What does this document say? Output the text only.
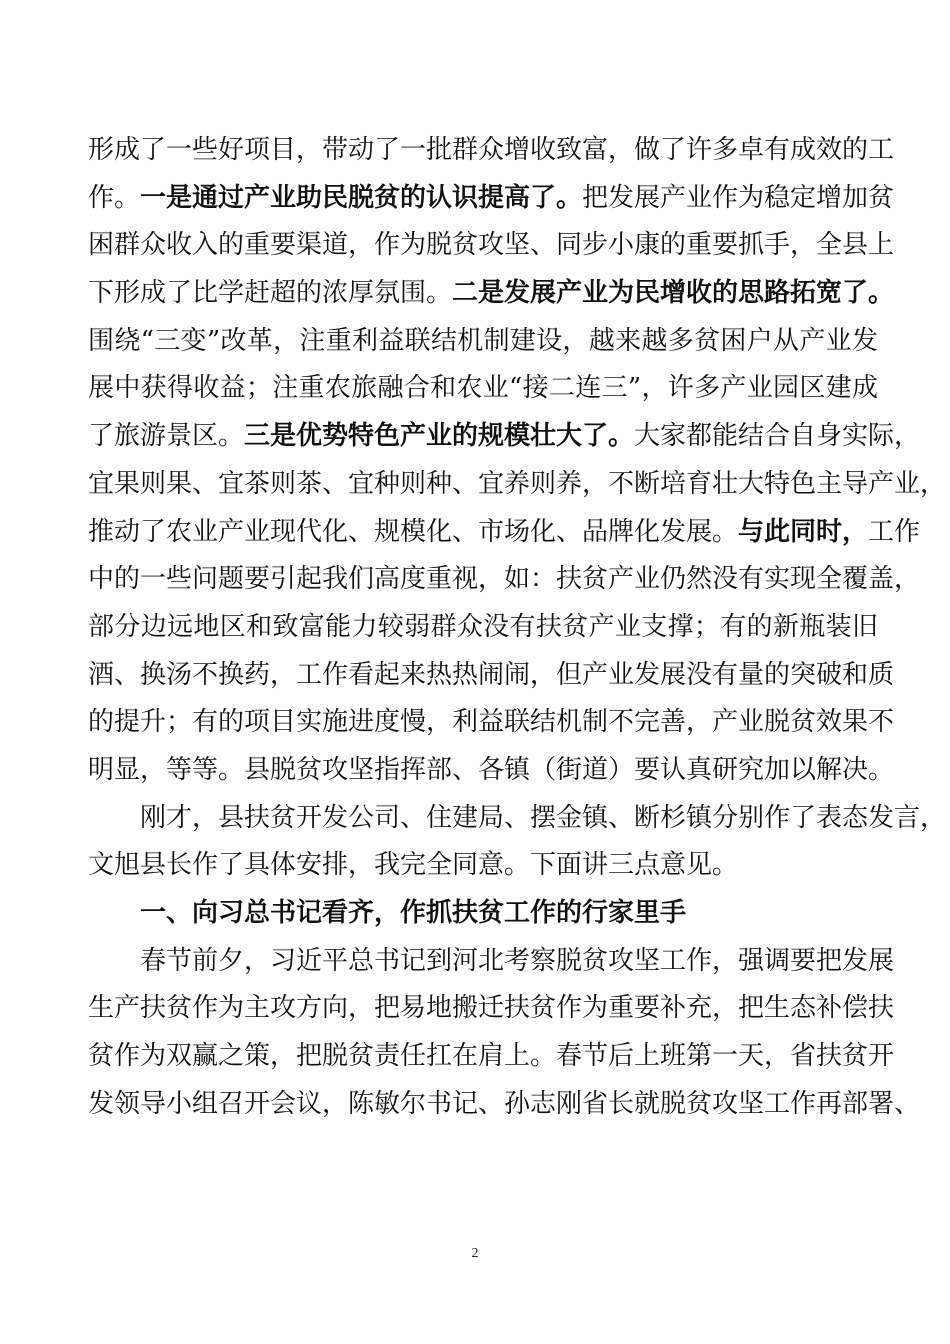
形成了一些好项目，带动了一批群众增收致富，做了许多卓有成效的工
作。一是通过产业助民脱贫的认识提高了。把发展产业作为稳定增加贫
困群众收入的重要渠道，作为脱贫攻坚、同步小康的重要抓手，全县上
下形成了比学赶超的浓厚氛围。二是发展产业为民增收的思路拓宽了。
围绕“三变”改革，注重利益联结机制建设，越来越多贫困户从产业发
展中获得收益；注重农旅融合和农业“接二连三”，许多产业园区建成
了旅游景区。三是优势特色产业的规模壮大了。大家都能结合自身实际，
宜果则果、宜茶则茶、宜种则种、宜养则养，不断培育壮大特色主导产业，
推动了农业产业现代化、规模化、市场化、品牌化发展。与此同时，工作
中的一些问题要引起我们高度重视，如：扶贫产业仍然没有实现全覆盖，
部分边远地区和致富能力较弱群众没有扶贫产业支撑；有的新瓶装旧
酒、换汤不换药，工作看起来热热闹闹，但产业发展没有量的突破和质
的提升；有的项目实施进度慢，利益联结机制不完善，产业脱贫效果不
明显，等等。县脱贫攻坚指挥部、各镇（街道）要认真研究加以解决。
刚才，县扶贫开发公司、住建局、摆金镇、断杉镇分别作了表态发言，
文旭县长作了具体安排，我完全同意。下面讲三点意见。
一、向习总书记看齐，作抓扶贫工作的行家里手
春节前夕，习近平总书记到河北考察脱贫攻坚工作，强调要把发展
生产扶贫作为主攻方向，把易地搬迁扶贫作为重要补充，把生态补偿扶
贫作为双赢之策，把脱贫责任扛在肩上。春节后上班第一天，省扶贫开
发领导小组召开会议，陈敏尔书记、孙志刚省长就脱贫攻坚工作再部署、
2
